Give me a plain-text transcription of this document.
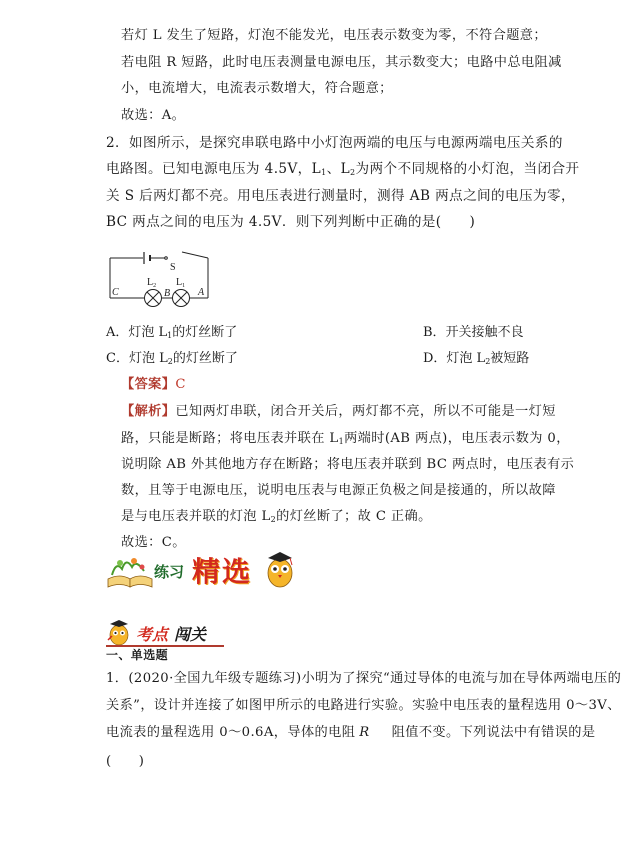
若灯 L 发生了短路，灯泡不能发光，电压表示数变为零，不符合题意；
若电阻 R 短路，此时电压表测量电源电压，其示数变大；电路中总电阻减
小，电流增大，电流表示数增大，符合题意；
故选：A。
2．如图所示，是探究串联电路中小灯泡两端的电压与电源两端电压关系的
电路图。已知电源电压为 4.5V，$L_1$、$L_2$为两个不同规格的小灯泡，当闭合开
关 S 后两灯都不亮。用电压表进行测量时，测得 AB 两点之间的电压为零，
BC 两点之间的电压为 4.5V．则下列判断中正确的是(　　)
S
C	B	A
$L_2$ $L_1$
A．灯泡 $L_1$的灯丝断了	B．开关接触不良
C．灯泡 $L_2$的灯丝断了	D．灯泡 $L_2$被短路
【答案】C
【解析】已知两灯串联，闭合开关后，两灯都不亮，所以不可能是一灯短
路，只能是断路；将电压表并联在 $L_1$两端时(AB 两点)，电压表示数为 0，
说明除 AB 外其他地方存在断路；将电压表并联到 BC 两点时，电压表有示
数，且等于电源电压，说明电压表与电源正负极之间是接通的，所以故障
是与电压表并联的灯泡 $L_2$的灯丝断了；故 C 正确。
故选：C。
练习 精选
考点 闯关
一、单选题
1．(2020·全国九年级专题练习)小明为了探究“通过导体的电流与加在导体两端电压的
关系”，设计并连接了如图甲所示的电路进行实验。实验中电压表的量程选用 0～3V、
电流表的量程选用 0～0.6A，导体的电阻 R 阻值不变。下列说法中有错误的是
(　　)
